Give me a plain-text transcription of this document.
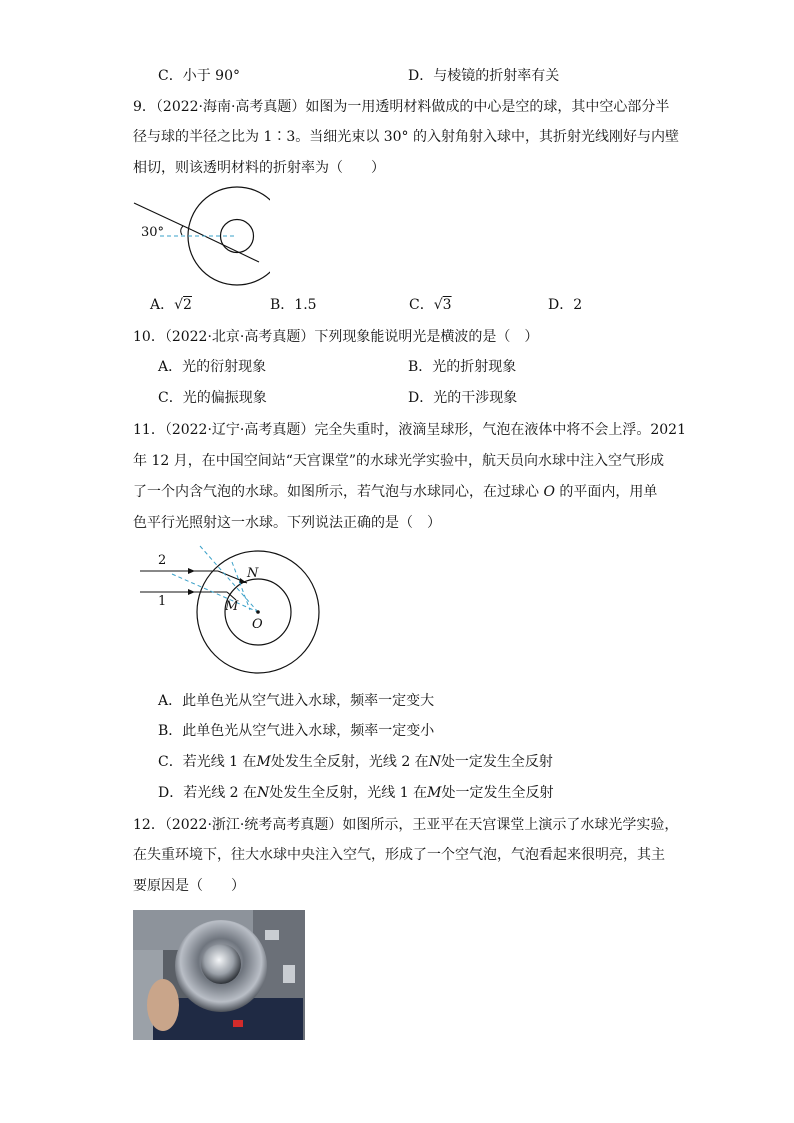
C．小于 90°	D．与棱镜的折射率有关
9．（2022·海南·高考真题）如图为一用透明材料做成的中心是空的球，其中空心部分半
径与球的半径之比为 1∶3。当细光束以 30° 的入射角射入球中，其折射光线刚好与内壁
相切，则该透明材料的折射率为（　　）
30°
A．√2	B．1.5	C．√3	D．2
10．（2022·北京·高考真题）下列现象能说明光是横波的是（　）
A．光的衍射现象	B．光的折射现象
C．光的偏振现象	D．光的干涉现象
11．（2022·辽宁·高考真题）完全失重时，液滴呈球形，气泡在液体中将不会上浮。2021
年 12 月，在中国空间站“天宫课堂”的水球光学实验中，航天员向水球中注入空气形成
了一个内含气泡的水球。如图所示，若气泡与水球同心，在过球心 O 的平面内，用单
色平行光照射这一水球。下列说法正确的是（　）
2
1
N
M
O
A．此单色光从空气进入水球，频率一定变大
B．此单色光从空气进入水球，频率一定变小
C．若光线 1 在M处发生全反射，光线 2 在N处一定发生全反射
D．若光线 2 在N处发生全反射，光线 1 在M处一定发生全反射
12．（2022·浙江·统考高考真题）如图所示，王亚平在天宫课堂上演示了水球光学实验，
在失重环境下，往大水球中央注入空气，形成了一个空气泡，气泡看起来很明亮，其主
要原因是（　　）
